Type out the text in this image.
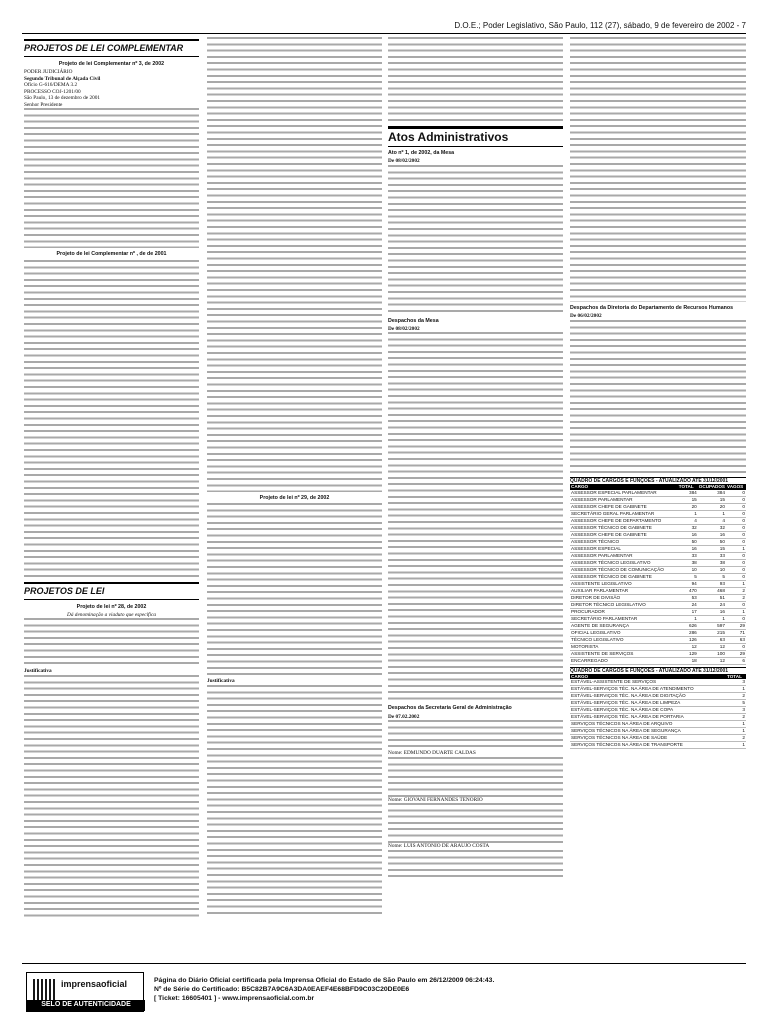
D.O.E.; Poder Legislativo, São Paulo, 112 (27), sábado, 9 de fevereiro de 2002 - 7
PROJETOS DE LEI COMPLEMENTAR
Projeto de lei Complementar nº 3, de 2002
PODER JUDICIÁRIO
Segundo Tribunal de Alçada Civil
Ofício G-616/DEMA 3.2
PROCESSO COJ-1201/00
São Paulo, 13 de dezembro de 2001
Senhor Presidente
Projeto de lei Complementar nº , de de 2001
PROJETOS DE LEI
Projeto de lei nº 28, de 2002
Dá denominação a viaduto que especifica
Justificativa
Projeto de lei nº 29, de 2002
Justificativa
Atos Administrativos
Ato nº 1, de 2002, da Mesa
De 08/02/2002
Despachos da Mesa
De 08/02/2002
Despachos da Secretaria Geral de Administração
De 07.02.2002
Nome: EDMUNDO DUARTE CALDAS
Nome: GIOVANI FERNANDES TENORIO
Nome: LUIS ANTONIO DE ARAUJO COSTA
Despachos da Diretoria do Departamento de Recursos Humanos
De 06/02/2002
QUADRO DE CARGOS E FUNÇÕES - ATUALIZADO ATÉ 31/12/2001
CARGO	TOTAL	OCUPADOS	VAGOS
ASSESSOR ESPECIAL PARLAMENTAR	384	384	0
ASSESSOR PARLAMENTAR	15	15	0
ASSESSOR CHEFE DE GABINETE	20	20	0
SECRETÁRIO GERAL PARLAMENTAR	1	1	0
ASSESSOR CHEFE DE DEPARTAMENTO	4	4	0
ASSESSOR TÉCNICO DE GABINETE	32	32	0
ASSESSOR CHEFE DE GABINETE	16	16	0
ASSESSOR TÉCNICO	50	50	0
ASSESSOR ESPECIAL	16	15	1
ASSESSOR PARLAMENTAR	33	33	0
ASSESSOR TÉCNICO LEGISLATIVO	38	38	0
ASSESSOR TÉCNICO DE COMUNICAÇÃO	10	10	0
ASSESSOR TÉCNICO DE GABINETE	5	5	0
ASSISTENTE LEGISLATIVO	94	93	1
AUXILIAR PARLAMENTAR	470	468	2
DIRETOR DE DIVISÃO	53	51	2
DIRETOR TÉCNICO LEGISLATIVO	24	24	0
PROCURADOR	17	16	1
SECRETÁRIO PARLAMENTAR	1	1	0
AGENTE DE SEGURANÇA	626	597	29
OFICIAL LEGISLATIVO	286	215	71
TÉCNICO LEGISLATIVO	126	63	63
MOTORISTA	12	12	0
ASSISTENTE DE SERVIÇOS	129	100	29
ENCARREGADO	18	12	6
QUADRO DE CARGOS E FUNÇÕES - ATUALIZADO ATÉ 31/12/2001
CARGO	TOTAL
ESTÁVEL-ASSISTENTE DE SERVIÇOS	3
ESTÁVEL-SERVIÇOS TÉC. NA ÁREA DE ATENDIMENTO	1
ESTÁVEL-SERVIÇOS TÉC. NA ÁREA DE DIGITAÇÃO	2
ESTÁVEL-SERVIÇOS TÉC. NA ÁREA DE LIMPEZA	5
ESTÁVEL-SERVIÇOS TÉC. NA ÁREA DE COPA	3
ESTÁVEL-SERVIÇOS TÉC. NA ÁREA DE PORTARIA	2
SERVIÇOS TÉCNICOS NA ÁREA DE ARQUIVO	1
SERVIÇOS TÉCNICOS NA ÁREA DE SEGURANÇA	1
SERVIÇOS TÉCNICOS NA ÁREA DE SAÚDE	2
SERVIÇOS TÉCNICOS NA ÁREA DE TRANSPORTE	1
imprensaoficial
SELO DE AUTENTICIDADE
Página do Diário Oficial certificada pela Imprensa Oficial do Estado de São Paulo em 26/12/2009 06:24:43.
Nº de Série do Certificado: B5C82B7A9C6A3DA0EAEF4E68BFD9C03C20DE0E6
[ Ticket: 16605401 ] - www.imprensaoficial.com.br
